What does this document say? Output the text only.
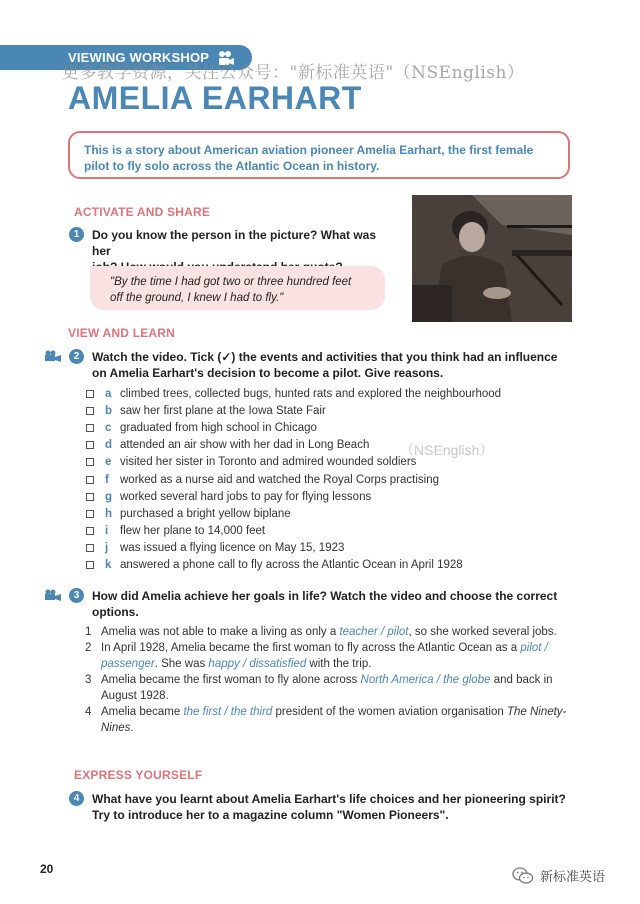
VIEWING WORKSHOP
更多教学资源，关注公众号："新标准英语"（NSEnglish）
AMELIA EARHART
This is a story about American aviation pioneer Amelia Earhart, the first female pilot to fly solo across the Atlantic Ocean in history.
ACTIVATE AND SHARE
1	Do you know the person in the picture? What was her
"By the time I had got two or three hundred feet
off the ground, I knew I had to fly."
VIEW AND LEARN
2	Watch the video. Tick (✓) the events and activities that you think had an influence
on Amelia Earhart's decision to become a pilot. Give reasons.
a climbed trees, collected bugs, hunted rats and explored the neighbourhood
b saw her first plane at the Iowa State Fair
c graduated from high school in Chicago
d attended an air show with her dad in Long Beach
e visited her sister in Toronto and admired wounded soldiers
f worked as a nurse aid and watched the Royal Corps practising
g worked several hard jobs to pay for flying lessons
h purchased a bright yellow biplane
i	flew her plane to 14,000 feet
j	was issued a flying licence on May 15, 1923
k answered a phone call to fly across the Atlantic Ocean in April 1928
（NSEnglish）
3	How did Amelia achieve her goals in life? Watch the video and choose the correct
options.
1 Amelia was not able to make a living as only a teacher / pilot, so she worked several jobs.
2 In April 1928, Amelia became the first woman to fly across the Atlantic Ocean as a pilot / passenger. She was happy / dissatisfied with the trip.
3 Amelia became the first woman to fly alone across North America / the globe and back in August 1928.
4 Amelia became the first / the third president of the women aviation organisation The Ninety-Nines.
EXPRESS YOURSELF
4	What have you learnt about Amelia Earhart's life choices and her pioneering spirit?
Try to introduce her to a magazine column "Women Pioneers".
20	新标准英语
